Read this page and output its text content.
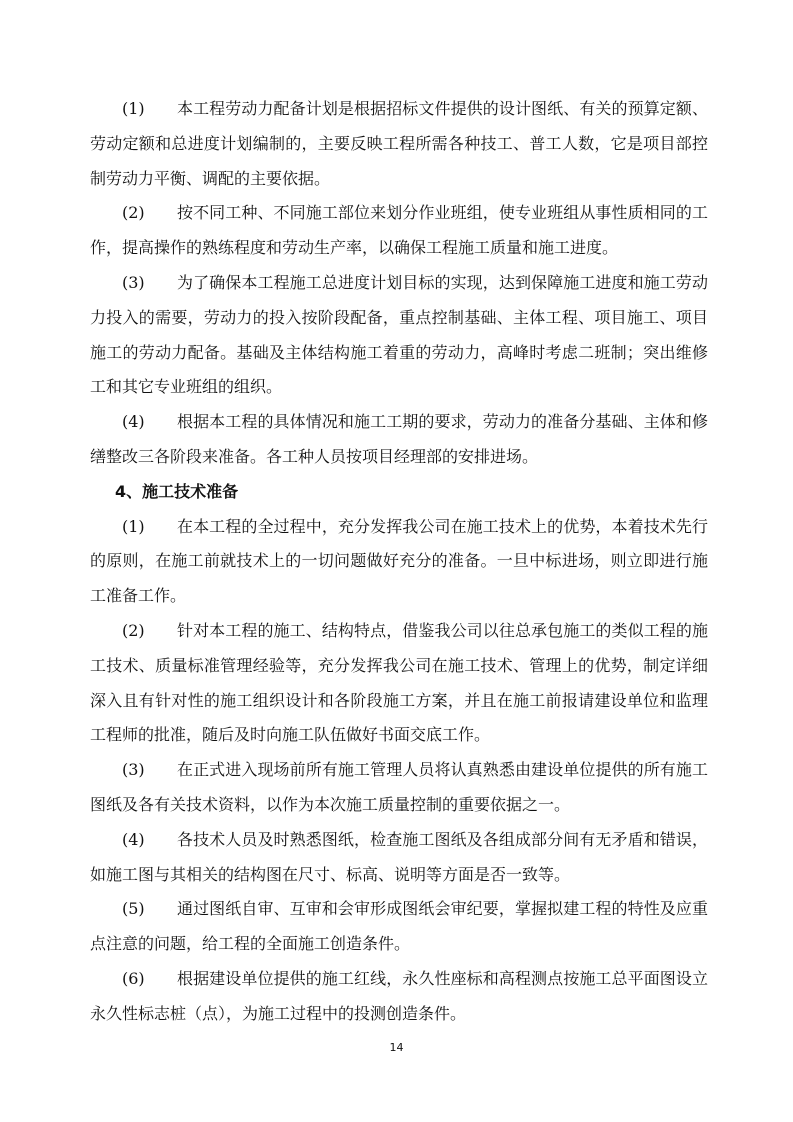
(1)	本工程劳动力配备计划是根据招标文件提供的设计图纸、有关的预算定额、
劳动定额和总进度计划编制的，主要反映工程所需各种技工、普工人数，它是项目部控
制劳动力平衡、调配的主要依据。
(2)	按不同工种、不同施工部位来划分作业班组，使专业班组从事性质相同的工
作，提高操作的熟练程度和劳动生产率，以确保工程施工质量和施工进度。
(3)	为了确保本工程施工总进度计划目标的实现，达到保障施工进度和施工劳动
力投入的需要，劳动力的投入按阶段配备，重点控制基础、主体工程、项目施工、项目
施工的劳动力配备。基础及主体结构施工着重的劳动力，高峰时考虑二班制；突出维修
工和其它专业班组的组织。
(4)	根据本工程的具体情况和施工工期的要求，劳动力的准备分基础、主体和修
缮整改三各阶段来准备。各工种人员按项目经理部的安排进场。
4、施工技术准备
(1)	在本工程的全过程中，充分发挥我公司在施工技术上的优势，本着技术先行
的原则，在施工前就技术上的一切问题做好充分的准备。一旦中标进场，则立即进行施
工准备工作。
(2)	针对本工程的施工、结构特点，借鉴我公司以往总承包施工的类似工程的施
工技术、质量标准管理经验等，充分发挥我公司在施工技术、管理上的优势，制定详细
深入且有针对性的施工组织设计和各阶段施工方案，并且在施工前报请建设单位和监理
工程师的批准，随后及时向施工队伍做好书面交底工作。
(3)	在正式进入现场前所有施工管理人员将认真熟悉由建设单位提供的所有施工
图纸及各有关技术资料，以作为本次施工质量控制的重要依据之一。
(4)	各技术人员及时熟悉图纸，检查施工图纸及各组成部分间有无矛盾和错误，
如施工图与其相关的结构图在尺寸、标高、说明等方面是否一致等。
(5)	通过图纸自审、互审和会审形成图纸会审纪要，掌握拟建工程的特性及应重
点注意的问题，给工程的全面施工创造条件。
(6)	根据建设单位提供的施工红线，永久性座标和高程测点按施工总平面图设立
永久性标志桩（点），为施工过程中的投测创造条件。
14
